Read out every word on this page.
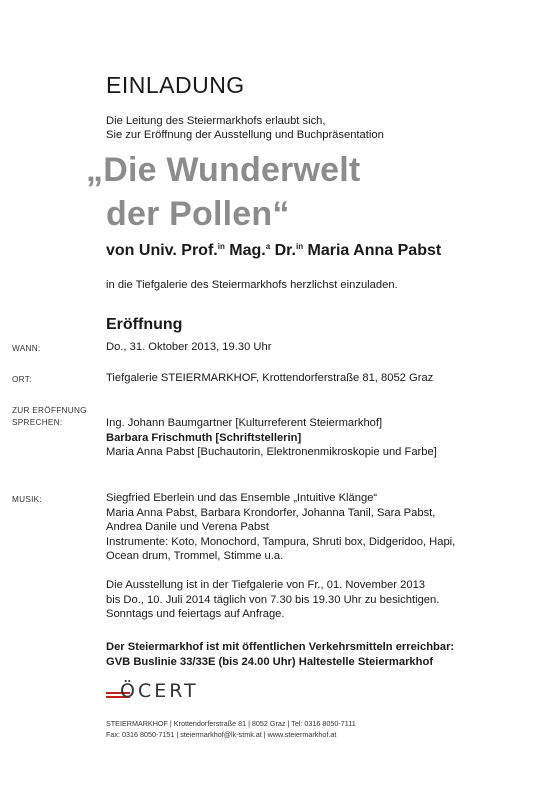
EINLADUNG
Die Leitung des Steiermarkhofs erlaubt sich,
Sie zur Eröffnung der Ausstellung und Buchpräsentation
„Die Wunderwelt
der Pollen“
von Univ. Prof.$^{in}$ Mag.$^a$ Dr.$^{in}$ Maria Anna Pabst
in die Tiefgalerie des Steiermarkhofs herzlichst einzuladen.
Eröffnung
WANN:	Do., 31. Oktober 2013, 19.30 Uhr
ORT:	Tiefgalerie STEIERMARKHOF, Krottendorferstraße 81, 8052 Graz
ZUR ERÖFFNUNG
SPRECHEN:	Ing. Johann Baumgartner [Kulturreferent Steiermarkhof]
Barbara Frischmuth [Schriftstellerin]
Maria Anna Pabst [Buchautorin, Elektronenmikroskopie und Farbe]
MUSIK:	Siegfried Eberlein und das Ensemble „Intuitive Klänge“
Maria Anna Pabst, Barbara Krondorfer, Johanna Tanil, Sara Pabst,
Andrea Danile und Verena Pabst
Instrumente: Koto, Monochord, Tampura, Shruti box, Didgeridoo, Hapi,
Ocean drum, Trommel, Stimme u.a.
Die Ausstellung ist in der Tiefgalerie von Fr., 01. November 2013
bis Do., 10. Juli 2014 täglich von 7.30 bis 19.30 Uhr zu besichtigen.
Sonntags und feiertags auf Anfrage.
Der Steiermarkhof ist mit öffentlichen Verkehrsmitteln erreichbar:
GVB Buslinie 33/33E (bis 24.00 Uhr) Haltestelle Steiermarkhof
ÖCERT
STEIERMARKHOF | Krottendorferstraße 81 | 8052 Graz | Tel: 0316 8050-7111
Fax: 0316 8050-7151 | steiermarkhof@lk-stmk.at | www.steiermarkhof.at
